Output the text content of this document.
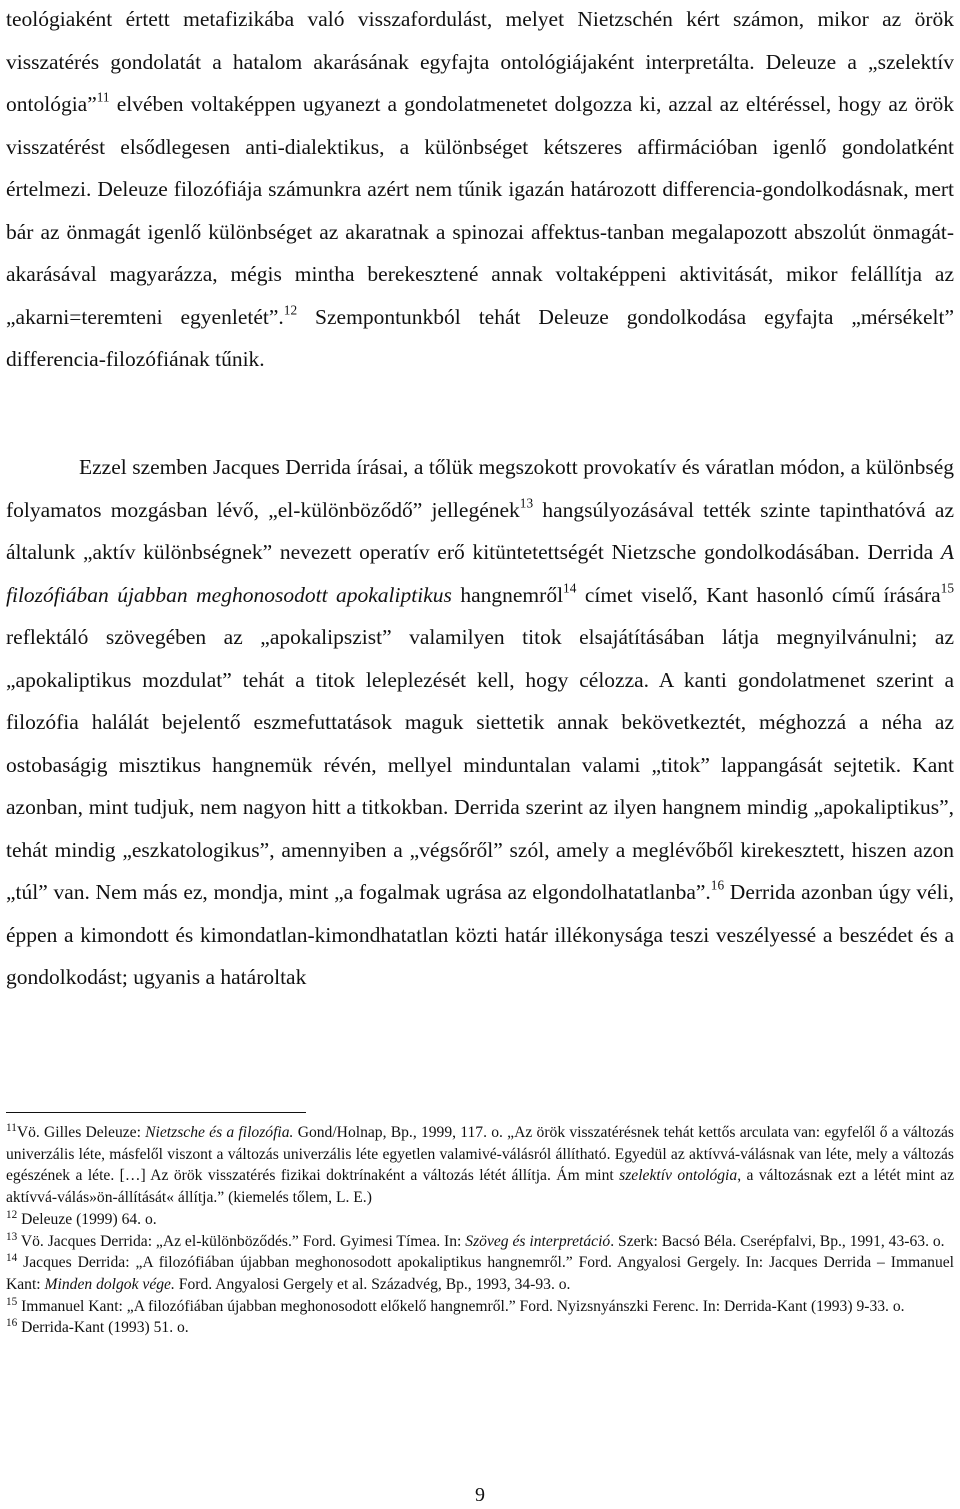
teológiaként értett metafizikába való visszafordulást, melyet Nietzschén kért számon, mikor az örök visszatérés gondolatát a hatalom akarásának egyfajta ontológiájaként interpretálta. Deleuze a „szelektív ontológia”$^{11}$ elvében voltaképpen ugyanezt a gondolatmenetet dolgozza ki, azzal az eltéréssel, hogy az örök visszatérést elsődlegesen anti-dialektikus, a különbséget kétszeres affirmációban igenlő gondolatként értelmezi. Deleuze filozófiája számunkra azért nem tűnik igazán határozott differencia-gondolkodásnak, mert bár az önmagát igenlő különbséget az akaratnak a spinozai affektus-tanban megalapozott abszolút önmagát-akarásával magyarázza, mégis mintha berekesztené annak voltaképpeni aktivitását, mikor felállítja az „akarni=teremteni egyenletét”.$^{12}$ Szempontunkból tehát Deleuze gondolkodása egyfajta „mérsékelt” differencia-filozófiának tűnik.

Ezzel szemben Jacques Derrida írásai, a tőlük megszokott provokatív és váratlan módon, a különbség folyamatos mozgásban lévő, „el-különböződő” jellegének$^{13}$ hangsúlyozásával tették szinte tapinthatóvá az általunk „aktív különbségnek” nevezett operatív erő kitüntetettségét Nietzsche gondolkodásában. Derrida A filozófiában újabban meghonosodott apokaliptikus hangnemről$^{14}$ címet viselő, Kant hasonló című írására$^{15}$ reflektáló szövegében az „apokalipszist” valamilyen titok elsajátításában látja megnyilvánulni; az „apokaliptikus mozdulat” tehát a titok leleplezését kell, hogy célozza. A kanti gondolatmenet szerint a filozófia halálát bejelentő eszmefuttatások maguk siettetik annak bekövetkeztét, méghozzá a néha az ostobaságig misztikus hangnemük révén, mellyel minduntalan valami „titok” lappangását sejtetik. Kant azonban, mint tudjuk, nem nagyon hitt a titkokban. Derrida szerint az ilyen hangnem mindig „apokaliptikus”, tehát mindig „eszkatologikus”, amennyiben a „végsőről” szól, amely a meglévőből kirekesztett, hiszen azon „túl” van. Nem más ez, mondja, mint „a fogalmak ugrása az elgondolhatatlanba”.$^{16}$ Derrida azonban úgy véli, éppen a kimondott és kimondatlan-kimondhatatlan közti határ illékonysága teszi veszélyessé a beszédet és a gondolkodást; ugyanis a határoltak

$^{11}$Vö. Gilles Deleuze: Nietzsche és a filozófia. Gond/Holnap, Bp., 1999, 117. o. „Az örök visszatérésnek tehát kettős arculata van: egyfelől ő a változás univerzális léte, másfelől viszont a változás univerzális léte egyetlen valamivé-válásról állítható. Egyedül az aktívvá-válásnak van léte, mely a változás egészének a léte. […] Az örök visszatérés fizikai doktrínaként a változás létét állítja. Ám mint szelektív ontológia, a változásnak ezt a létét mint az aktívvá-válás»ön-állítását« állítja.” (kiemelés tőlem, L. E.)

$^{12}$ Deleuze (1999) 64. o.

$^{13}$ Vö. Jacques Derrida: „Az el-különböződés.” Ford. Gyimesi Tímea. In: Szöveg és interpretáció. Szerk: Bacsó Béla. Cserépfalvi, Bp., 1991, 43-63. o.

$^{14}$ Jacques Derrida: „A filozófiában újabban meghonosodott apokaliptikus hangnemről.” Ford. Angyalosi Gergely. In: Jacques Derrida – Immanuel Kant: Minden dolgok vége. Ford. Angyalosi Gergely et al. Századvég, Bp., 1993, 34-93. o.

$^{15}$ Immanuel Kant: „A filozófiában újabban meghonosodott előkelő hangnemről.” Ford. Nyizsnyánszki Ferenc. In: Derrida-Kant (1993) 9-33. o.

$^{16}$ Derrida-Kant (1993) 51. o.

9
